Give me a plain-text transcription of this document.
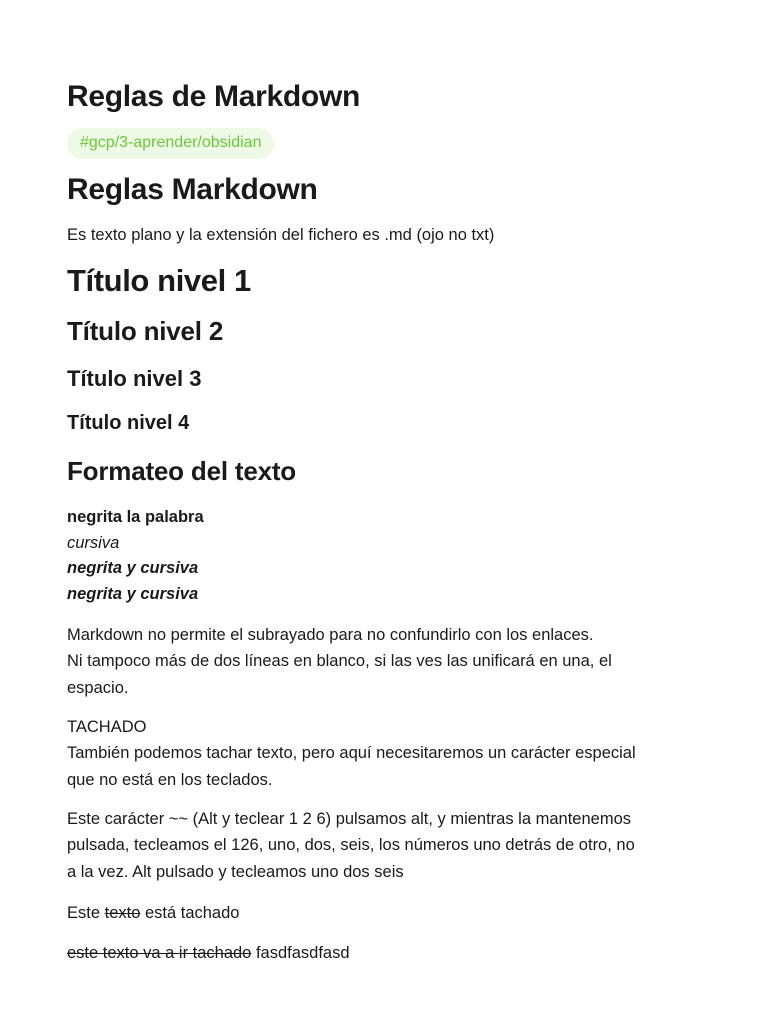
Reglas de Markdown
#gcp/3-aprender/obsidian
Reglas Markdown

Es texto plano y la extensión del fichero es .md (ojo no txt)

Título nivel 1
Título nivel 2
Título nivel 3
Título nivel 4
Formateo del texto
negrita la palabra
cursiva
negrita y cursiva
negrita y cursiva
Markdown no permite el subrayado para no confundirlo con los enlaces.
Ni tampoco más de dos líneas en blanco, si las ves las unificará en una, el
espacio.
TACHADO
También podemos tachar texto, pero aquí necesitaremos un carácter especial
que no está en los teclados.
Este carácter ~~ (Alt y teclear 1 2 6) pulsamos alt, y mientras la mantenemos
pulsada, tecleamos el 126, uno, dos, seis, los números uno detrás de otro, no
a la vez. Alt pulsado y tecleamos uno dos seis
Este texto está tachado
este texto va a ir tachado fasdfasdfasd
